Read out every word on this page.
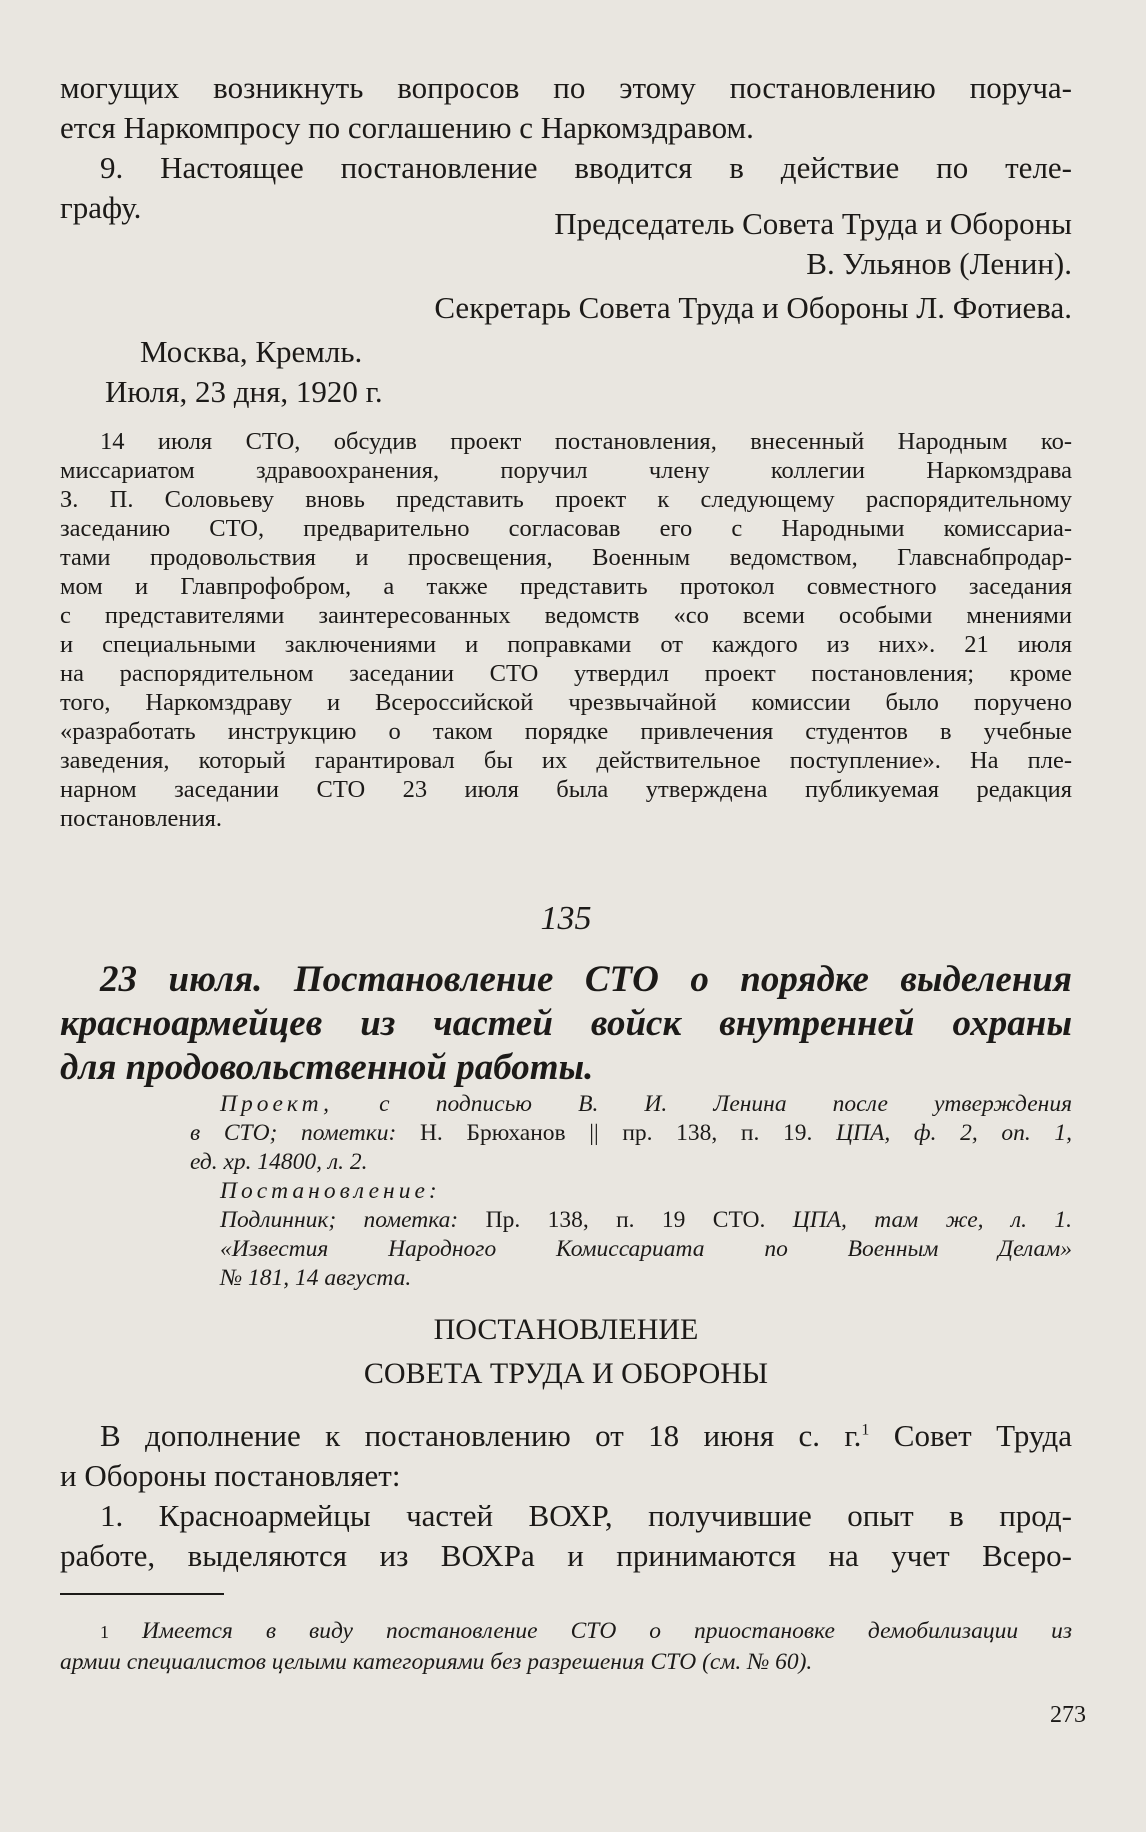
могущих возникнуть вопросов по этому постановлению поруча-

ется Наркомпросу по соглашению с Наркомздравом.

9. Настоящее постановление вводится в действие по теле-

графу.	Председатель Совета Труда и Обороны

В. Ульянов (Ленин).

Секретарь Совета Труда и Обороны Л. Фотиева.

Москва, Кремль.

Июля, 23 дня, 1920 г.

14 июля СТО, обсудив проект постановления, внесенный Народным ко-

миссариатом здравоохранения, поручил члену коллегии Наркомздрава

З. П. Соловьеву вновь представить проект к следующему распорядительному

заседанию СТО, предварительно согласовав его с Народными комиссариа-

тами продовольствия и просвещения, Военным ведомством, Главснабпродар-

мом и Главпрофобром, а также представить протокол совместного заседания

с представителями заинтересованных ведомств «со всеми особыми мнениями

и специальными заключениями и поправками от каждого из них». 21 июля

на распорядительном заседании СТО утвердил проект постановления; кроме

того, Наркомздраву и Всероссийской чрезвычайной комиссии было поручено

«разработать инструкцию о таком порядке привлечения студентов в учебные

заведения, который гарантировал бы их действительное поступление». На пле-

нарном заседании СТО 23 июля была утверждена публикуемая редакция

постановления.

135

23 июля. Постановление СТО о порядке выделения

красноармейцев из частей войск внутренней охраны

для продовольственной работы.

Проект, с подписью В. И. Ленина после утверждения

в СТО; пометки: Н. Брюханов || пр. 138, п. 19. ЦПА, ф. 2, оп. 1,

ед. хр. 14800, л. 2.

Постановление:

Подлинник; пометка: Пр. 138, п. 19 СТО. ЦПА, там же, л. 1.

«Известия Народного Комиссариата по Военным Делам»

№ 181, 14 августа.

ПОСТАНОВЛЕНИЕ

СОВЕТА ТРУДА И ОБОРОНЫ

В дополнение к постановлению от 18 июня с. г.$^1$ Совет Труда

и Обороны постановляет:

1. Красноармейцы частей ВОХР, получившие опыт в прод-

работе, выделяются из ВОХРа и принимаются на учет Всеро-

1 Имеется в виду постановление СТО о приостановке демобилизации из

армии специалистов целыми категориями без разрешения СТО (см. № 60).

273
